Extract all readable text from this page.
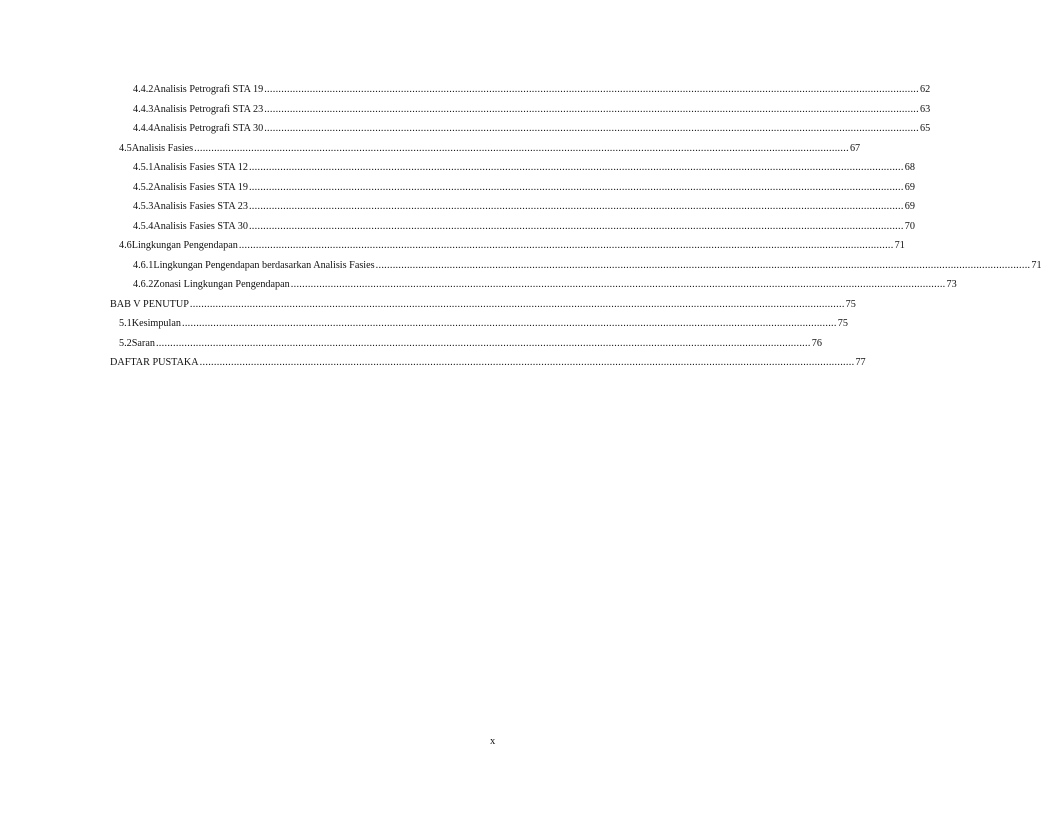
4.4.2 Analisis Petrografi STA 19 .....	62
4.4.3 Analisis Petrografi STA 23 .....	63
4.4.4 Analisis Petrografi STA 30 .....	65
4.5 Analisis Fasies .....	67
4.5.1 Analisis Fasies STA 12 .....	68
4.5.2 Analisis Fasies STA 19 .....	69
4.5.3 Analisis Fasies STA 23 .....	69
4.5.4 Analisis Fasies STA 30 .....	70
4.6 Lingkungan Pengendapan .....	71
4.6.1 Lingkungan Pengendapan berdasarkan Analisis Fasies .....	71
4.6.2 Zonasi Lingkungan Pengendapan .....	73
BAB V PENUTUP .....	75
5.1 Kesimpulan .....	75
5.2 Saran .....	76
DAFTAR PUSTAKA .....	77
x
